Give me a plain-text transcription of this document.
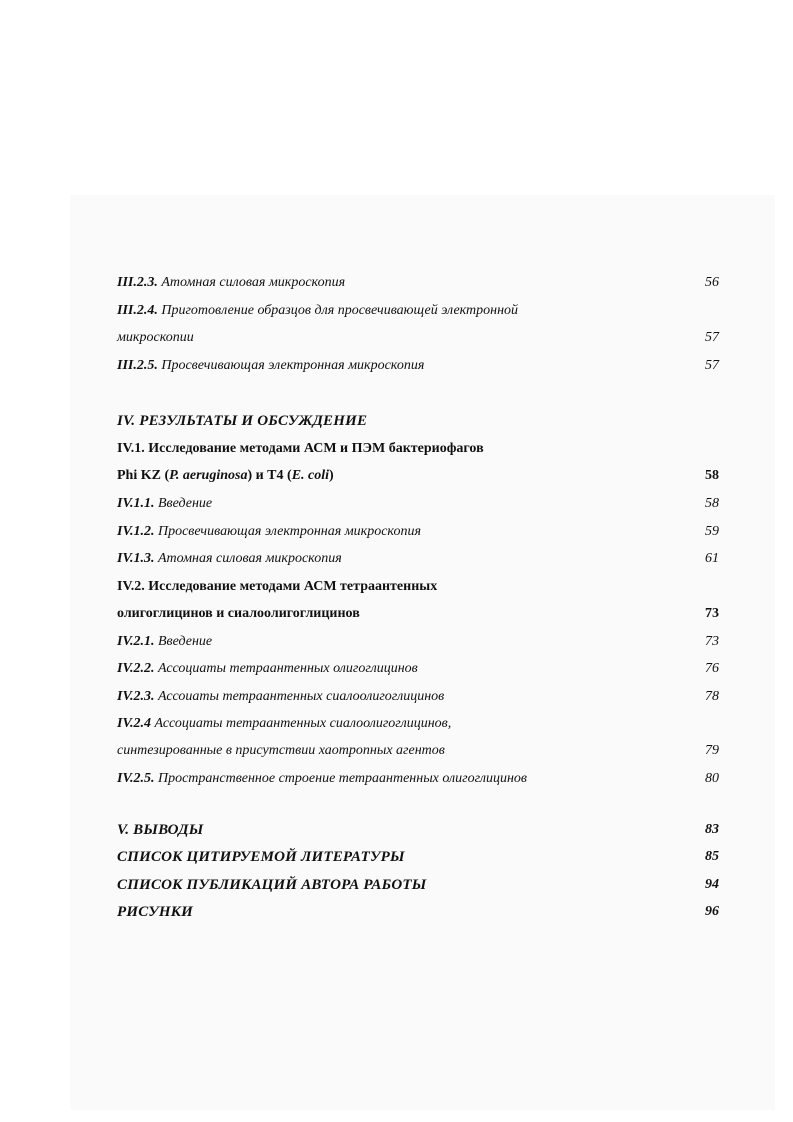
III.2.3. Атомная силовая микроскопия	56
III.2.4. Приготовление образцов для просвечивающей электронной
микроскопии	57
III.2.5. Просвечивающая электронная микроскопия	57
IV. РЕЗУЛЬТАТЫ И ОБСУЖДЕНИЕ
IV.1. Исследование методами АСМ и ПЭМ бактериофагов
Phi KZ (P. aeruginosa) и T4 (E. coli)	58
IV.1.1. Введение	58
IV.1.2. Просвечивающая электронная микроскопия	59
IV.1.3. Атомная силовая микроскопия	61
IV.2. Исследование методами АСМ тетраантенных
олигоглицинов и сиалоолигоглицинов	73
IV.2.1. Введение	73
IV.2.2. Ассоциаты тетраантенных олигоглицинов	76
IV.2.3. Ассоиаты тетраантенных сиалоолигоглицинов	78
IV.2.4 Ассоциаты тетраантенных сиалоолигоглицинов,
синтезированные в присутствии хаотропных агентов	79
IV.2.5. Пространственное строение тетраантенных олигоглицинов	80
V. ВЫВОДЫ	83
СПИСОК ЦИТИРУЕМОЙ ЛИТЕРАТУРЫ	85
СПИСОК ПУБЛИКАЦИЙ АВТОРА РАБОТЫ	94
РИСУНКИ	96
